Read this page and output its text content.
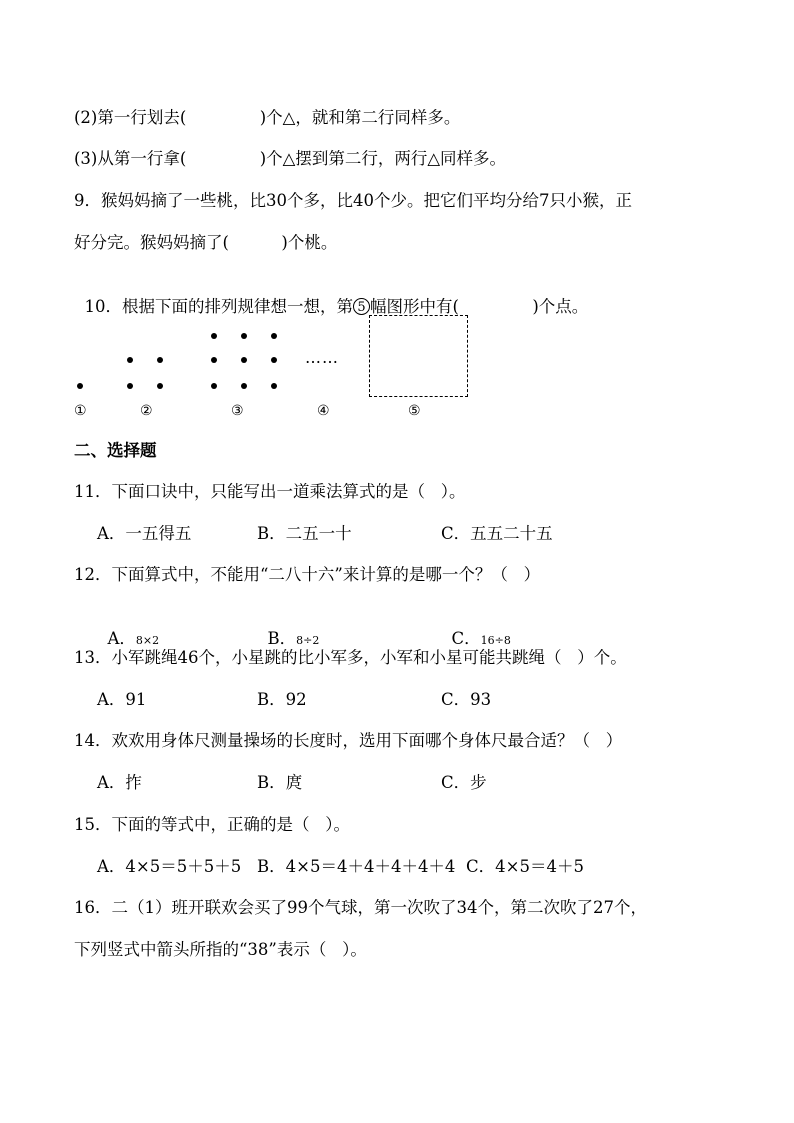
(2)第一行划去(              )个△，就和第二行同样多。
(3)从第一行拿(              )个△摆到第二行，两行△同样多。
9．猴妈妈摘了一些桃，比30个多，比40个少。把它们平均分给7只小猴，正
好分完。猴妈妈摘了(          )个桃。

10．根据下面的排列规律想一想，第 5 幅图形中有(              )个点。

……
①	②	③	④	⑤
二、选择题
11．下面口诀中，只能写出一道乘法算式的是（   ）。
A．一五得五	B．二五一十	C．五五二十五
12．下面算式中，不能用“二八十六”来计算的是哪一个？（   ）

A．8×2	B．8÷2	C．16÷8

13．小军跳绳46个，小星跳的比小军多，小军和小星可能共跳绳（   ）个。
A．91	B．92	C．93
14．欢欢用身体尺测量操场的长度时，选用下面哪个身体尺最合适？（   ）
A．拃	B．庹	C．步
15．下面的等式中，正确的是（   ）。
A．4×5＝5＋5＋5 B．4×5＝4＋4＋4＋4＋4 C．4×5＝4＋5
16．二（1）班开联欢会买了99个气球，第一次吹了34个，第二次吹了27个，
下列竖式中箭头所指的“38”表示（   ）。
